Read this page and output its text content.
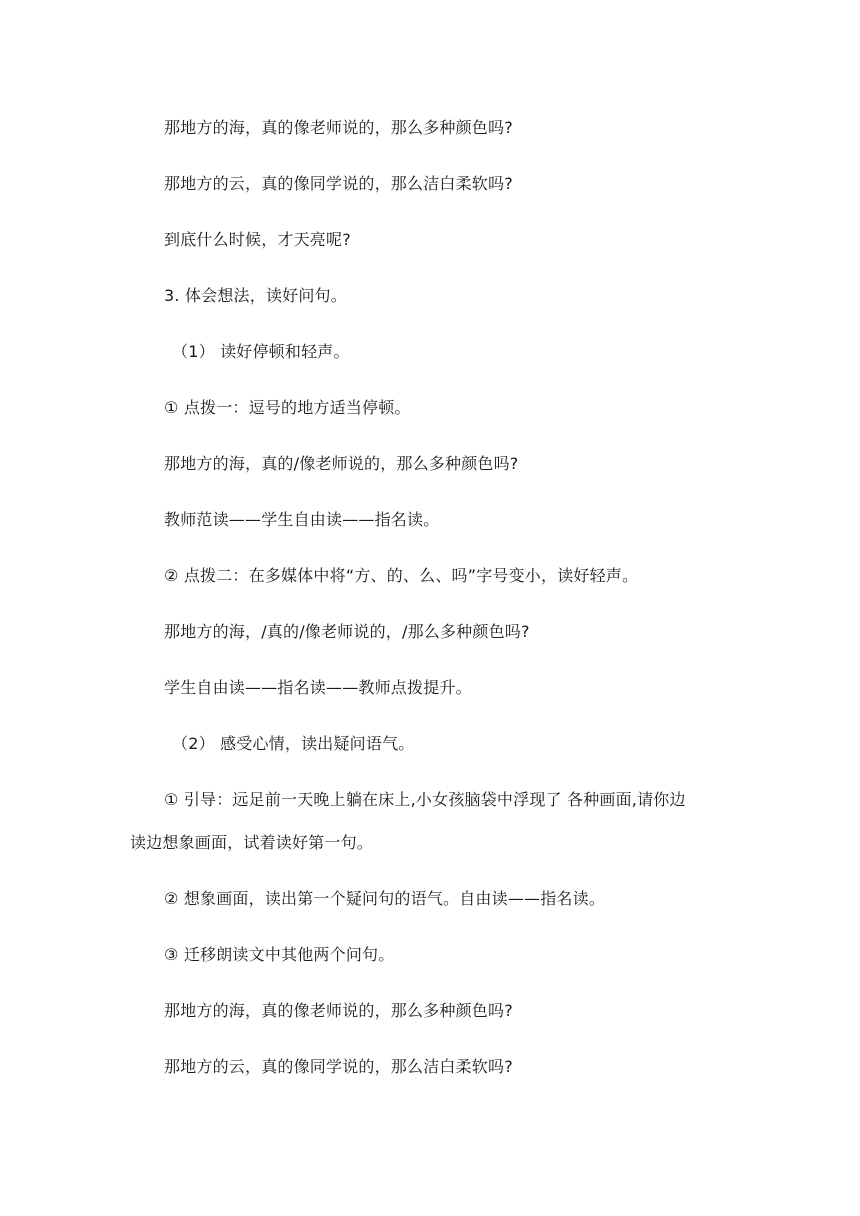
那地方的海，真的像老师说的，那么多种颜色吗?
那地方的云，真的像同学说的，那么洁白柔软吗?
到底什么时候，才天亮呢?
3. 体会想法，读好问句。
（1） 读好停顿和轻声。
① 点拨一：逗号的地方适当停顿。
那地方的海，真的/像老师说的，那么多种颜色吗?
教师范读——学生自由读——指名读。
② 点拨二：在多媒体中将“方、的、么、吗”字号变小，读好轻声。
那地方的海，/真的/像老师说的，/那么多种颜色吗?
学生自由读——指名读——教师点拨提升。
（2） 感受心情，读出疑问语气。
① 引导：远足前一天晚上躺在床上,小女孩脑袋中浮现了 各种画面,请你边
读边想象画面，试着读好第一句。
② 想象画面，读出第一个疑问句的语气。自由读——指名读。
③ 迁移朗读文中其他两个问句。
那地方的海，真的像老师说的，那么多种颜色吗?
那地方的云，真的像同学说的，那么洁白柔软吗?
